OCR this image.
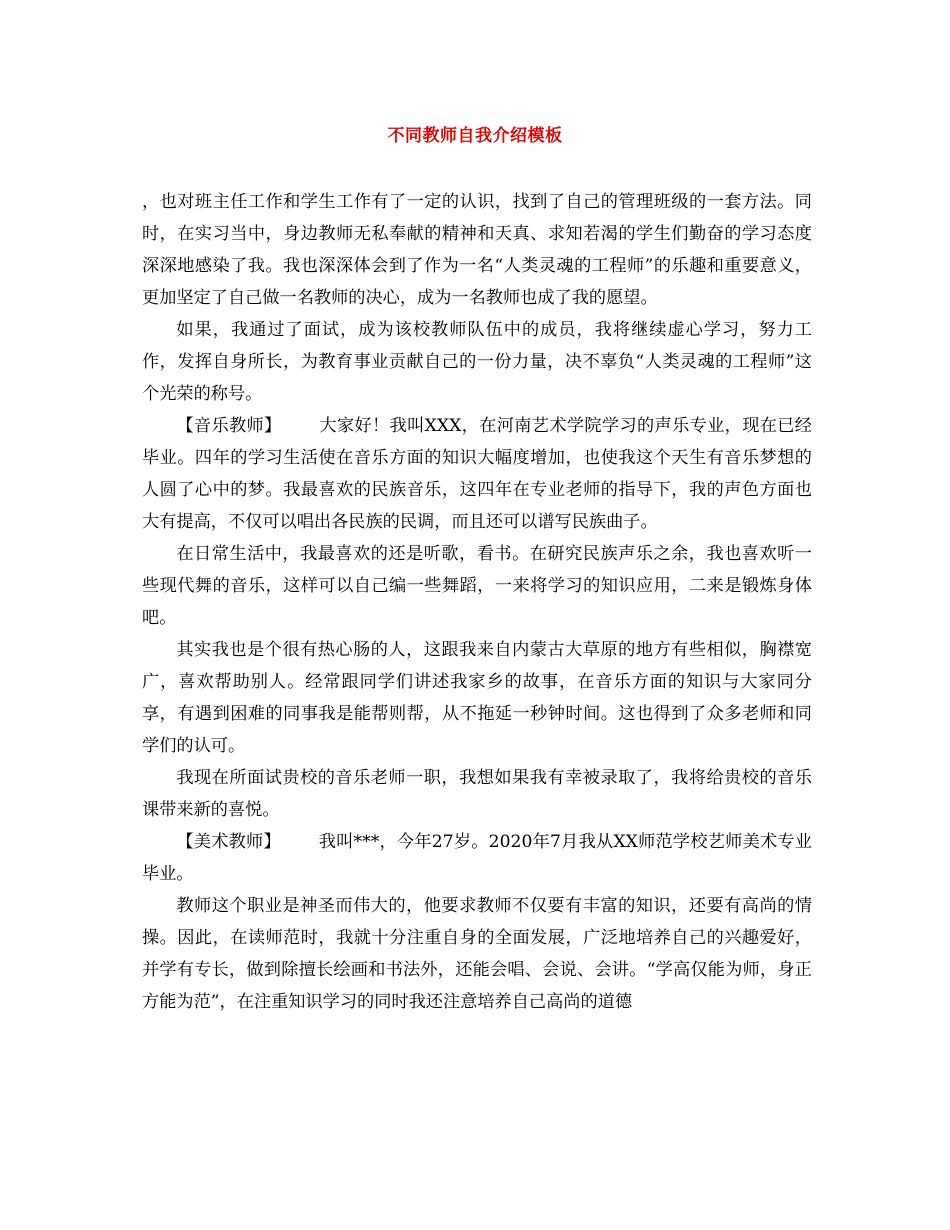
不同教师自我介绍模板

，也对班主任工作和学生工作有了一定的认识，找到了自己的管理班级的一套方法。同时，在实习当中，身边教师无私奉献的精神和天真、求知若渴的学生们勤奋的学习态度深深地感染了我。我也深深体会到了作为一名“人类灵魂的工程师”的乐趣和重要意义，更加坚定了自己做一名教师的决心，成为一名教师也成了我的愿望。

如果，我通过了面试，成为该校教师队伍中的成员，我将继续虚心学习，努力工作，发挥自身所长，为教育事业贡献自己的一份力量，决不辜负“人类灵魂的工程师”这个光荣的称号。

【音乐教师】 大家好！我叫XXX，在河南艺术学院学习的声乐专业，现在已经毕业。四年的学习生活使在音乐方面的知识大幅度增加，也使我这个天生有音乐梦想的人圆了心中的梦。我最喜欢的民族音乐，这四年在专业老师的指导下，我的声色方面也大有提高，不仅可以唱出各民族的民调，而且还可以谱写民族曲子。

在日常生活中，我最喜欢的还是听歌，看书。在研究民族声乐之余，我也喜欢听一些现代舞的音乐，这样可以自己编一些舞蹈，一来将学习的知识应用，二来是锻炼身体吧。

其实我也是个很有热心肠的人，这跟我来自内蒙古大草原的地方有些相似，胸襟宽广，喜欢帮助别人。经常跟同学们讲述我家乡的故事，在音乐方面的知识与大家同分享，有遇到困难的同事我是能帮则帮，从不拖延一秒钟时间。这也得到了众多老师和同学们的认可。

我现在所面试贵校的音乐老师一职，我想如果我有幸被录取了，我将给贵校的音乐课带来新的喜悦。

【美术教师】 我叫***，今年27岁。2020年7月我从XX师范学校艺师美术专业毕业。

教师这个职业是神圣而伟大的，他要求教师不仅要有丰富的知识，还要有高尚的情操。因此，在读师范时，我就十分注重自身的全面发展，广泛地培养自己的兴趣爱好，并学有专长，做到除擅长绘画和书法外，还能会唱、会说、会讲。“学高仅能为师，身正方能为范”，在注重知识学习的同时我还注意培养自己高尚的道德
